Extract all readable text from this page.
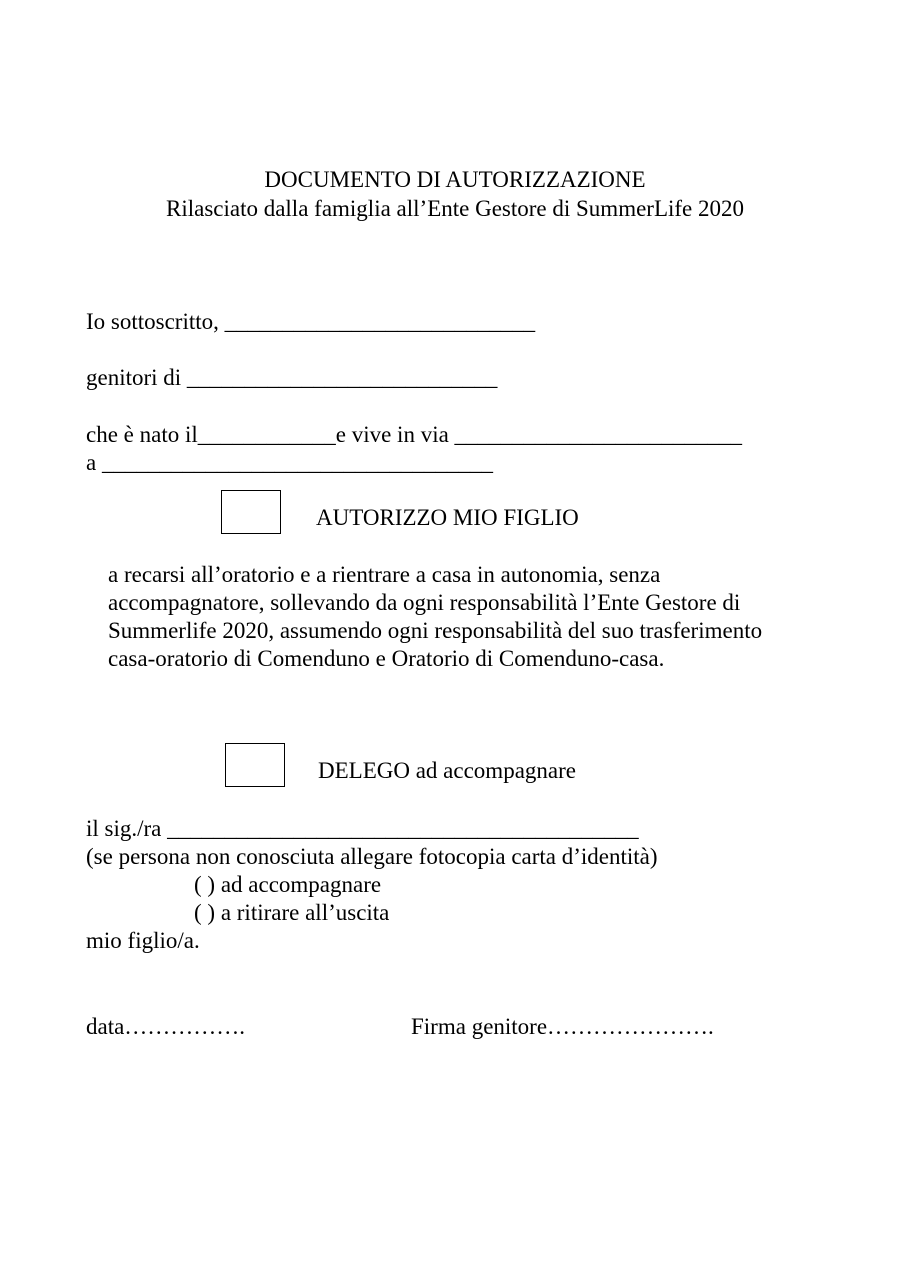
DOCUMENTO DI AUTORIZZAZIONE
Rilasciato dalla famiglia all’Ente Gestore di SummerLife 2020
Io sottoscritto, ___________________________
genitori di ___________________________
che è nato il____________e vive in via _________________________
a __________________________________
AUTORIZZO MIO FIGLIO
a recarsi all’oratorio e a rientrare a casa in autonomia, senza
accompagnatore, sollevando da ogni responsabilità l’Ente Gestore di
Summerlife 2020, assumendo ogni responsabilità del suo trasferimento
casa-oratorio di Comenduno e Oratorio di Comenduno-casa.
DELEGO ad accompagnare
il sig./ra _________________________________________
(se persona non conosciuta allegare fotocopia carta d’identità)
( ) ad accompagnare
( ) a ritirare all’uscita
mio figlio/a.
data…………….	Firma genitore………………….
